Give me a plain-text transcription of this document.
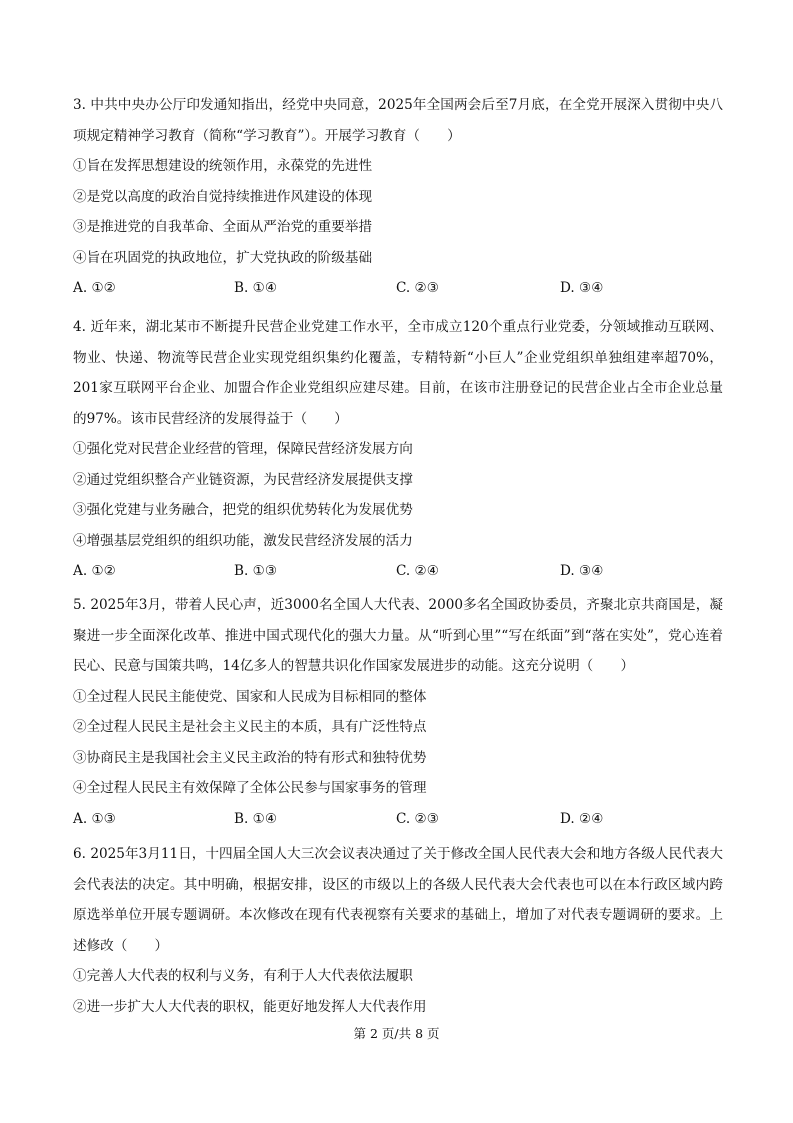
3. 中共中央办公厅印发通知指出，经党中央同意，2025年全国两会后至7月底，在全党开展深入贯彻中央八项规定精神学习教育（简称“学习教育”）。开展学习教育（　　）
①旨在发挥思想建设的统领作用，永葆党的先进性
②是党以高度的政治自觉持续推进作风建设的体现
③是推进党的自我革命、全面从严治党的重要举措
④旨在巩固党的执政地位，扩大党执政的阶级基础
A. ①②	B. ①④	C. ②③	D. ③④
4. 近年来，湖北某市不断提升民营企业党建工作水平，全市成立120个重点行业党委，分领域推动互联网、物业、快递、物流等民营企业实现党组织集约化覆盖，专精特新“小巨人”企业党组织单独组建率超70%，201家互联网平台企业、加盟合作企业党组织应建尽建。目前，在该市注册登记的民营企业占全市企业总量的97%。该市民营经济的发展得益于（　　）
①强化党对民营企业经营的管理，保障民营经济发展方向
②通过党组织整合产业链资源，为民营经济发展提供支撑
③强化党建与业务融合，把党的组织优势转化为发展优势
④增强基层党组织的组织功能，激发民营经济发展的活力
A. ①②	B. ①③	C. ②④	D. ③④
5. 2025年3月，带着人民心声，近3000名全国人大代表、2000多名全国政协委员，齐聚北京共商国是，凝聚进一步全面深化改革、推进中国式现代化的强大力量。从“听到心里”“写在纸面”到“落在实处”，党心连着民心、民意与国策共鸣，14亿多人的智慧共识化作国家发展进步的动能。这充分说明（　　）
①全过程人民民主能使党、国家和人民成为目标相同的整体
②全过程人民民主是社会主义民主的本质，具有广泛性特点
③协商民主是我国社会主义民主政治的特有形式和独特优势
④全过程人民民主有效保障了全体公民参与国家事务的管理
A. ①③	B. ①④	C. ②③	D. ②④
6. 2025年3月11日，十四届全国人大三次会议表决通过了关于修改全国人民代表大会和地方各级人民代表大会代表法的决定。其中明确，根据安排，设区的市级以上的各级人民代表大会代表也可以在本行政区域内跨原选举单位开展专题调研。本次修改在现有代表视察有关要求的基础上，增加了对代表专题调研的要求。上述修改（　　）
①完善人大代表的权利与义务，有利于人大代表依法履职
②进一步扩大人大代表的职权，能更好地发挥人大代表作用
第 2 页/共 8 页
